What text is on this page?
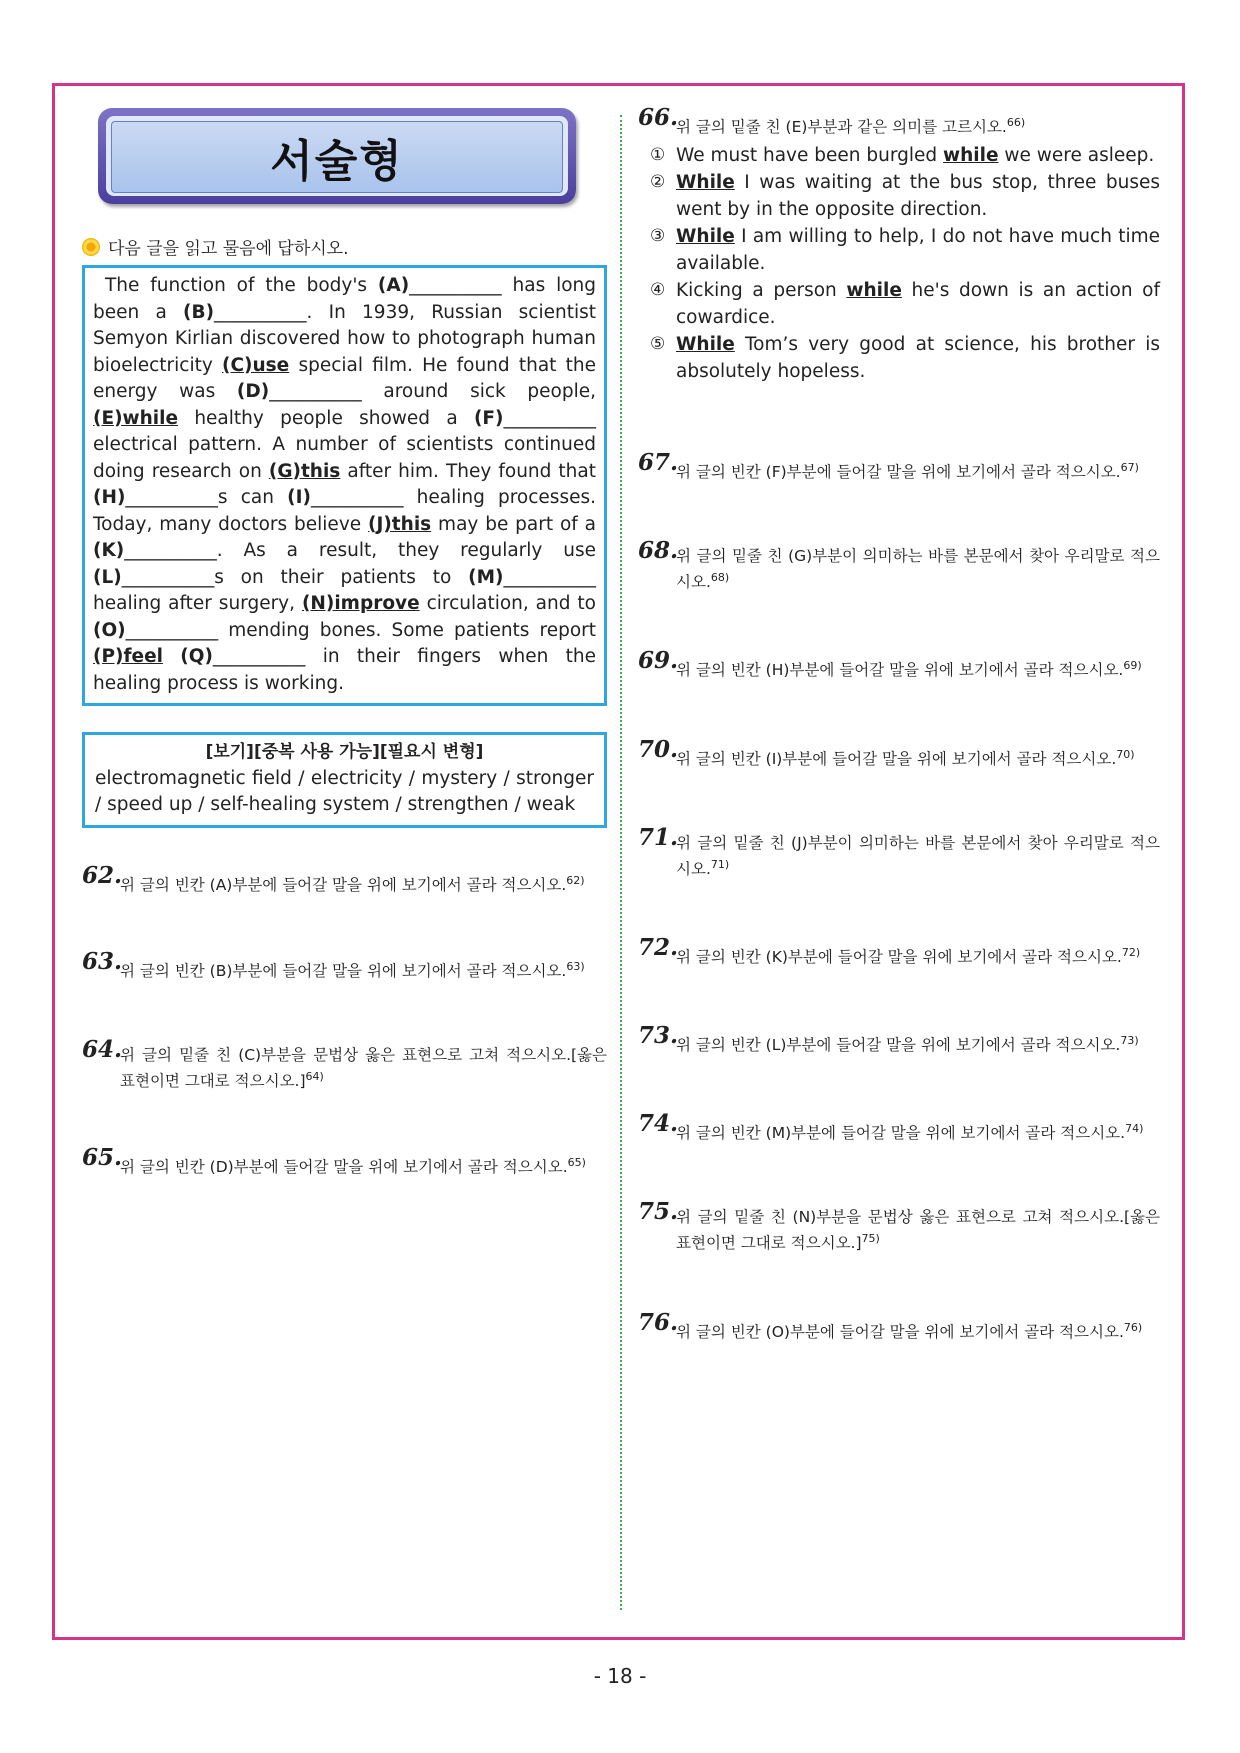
서술형
다음 글을 읽고 물음에 답하시오.

The function of the body's (A)__________ has long been a (B)__________. In 1939, Russian scientist Semyon Kirlian discovered how to photograph human bioelectricity (C)use special film. He found that the energy was (D)__________ around sick people, (E)while healthy people showed a (F)__________ electrical pattern. A number of scientists continued doing research on (G)this after him. They found that (H)__________s can (I)__________ healing processes. Today, many doctors believe (J)this may be part of a (K)__________. As a result, they regularly use (L)__________s on their patients to (M)__________ healing after surgery, (N)improve circulation, and to (O)__________ mending bones. Some patients report (P)feel (Q)__________ in their fingers when the healing process is working.

[보기][중복 사용 가능][필요시 변형]
electromagnetic field / electricity / mystery / stronger / speed up / self-healing system / strengthen / weak
62.
위 글의 빈칸 (A)부분에 들어갈 말을 위에 보기에서 골라 적으시오.$^{62)}$
63.
위 글의 빈칸 (B)부분에 들어갈 말을 위에 보기에서 골라 적으시오.$^{63)}$
64.
위 글의 밑줄 친 (C)부분을 문법상 옳은 표현으로 고쳐 적으시오.[옳은 표현이면 그대로 적으시오.]$^{64)}$
65.
위 글의 빈칸 (D)부분에 들어갈 말을 위에 보기에서 골라 적으시오.$^{65)}$
66.
위 글의 밑줄 친 (E)부분과 같은 의미를 고르시오.$^{66)}$
① We must have been burgled while we were asleep.
② While I was waiting at the bus stop, three buses went by in the opposite direction.
③ While I am willing to help, I do not have much time available.
④ Kicking a person while he's down is an action of cowardice.
⑤ While Tom’s very good at science, his brother is absolutely hopeless.
67.
위 글의 빈칸 (F)부분에 들어갈 말을 위에 보기에서 골라 적으시오.$^{67)}$
68.
위 글의 밑줄 친 (G)부분이 의미하는 바를 본문에서 찾아 우리말로 적으시오.$^{68)}$
69.
위 글의 빈칸 (H)부분에 들어갈 말을 위에 보기에서 골라 적으시오.$^{69)}$
70.
위 글의 빈칸 (I)부분에 들어갈 말을 위에 보기에서 골라 적으시오.$^{70)}$
71.
위 글의 밑줄 친 (J)부분이 의미하는 바를 본문에서 찾아 우리말로 적으시오.$^{71)}$
72.
위 글의 빈칸 (K)부분에 들어갈 말을 위에 보기에서 골라 적으시오.$^{72)}$
73.
위 글의 빈칸 (L)부분에 들어갈 말을 위에 보기에서 골라 적으시오.$^{73)}$
74.
위 글의 빈칸 (M)부분에 들어갈 말을 위에 보기에서 골라 적으시오.$^{74)}$
75.
위 글의 밑줄 친 (N)부분을 문법상 옳은 표현으로 고쳐 적으시오.[옳은 표현이면 그대로 적으시오.]$^{75)}$
76.
위 글의 빈칸 (O)부분에 들어갈 말을 위에 보기에서 골라 적으시오.$^{76)}$
- 18 -
